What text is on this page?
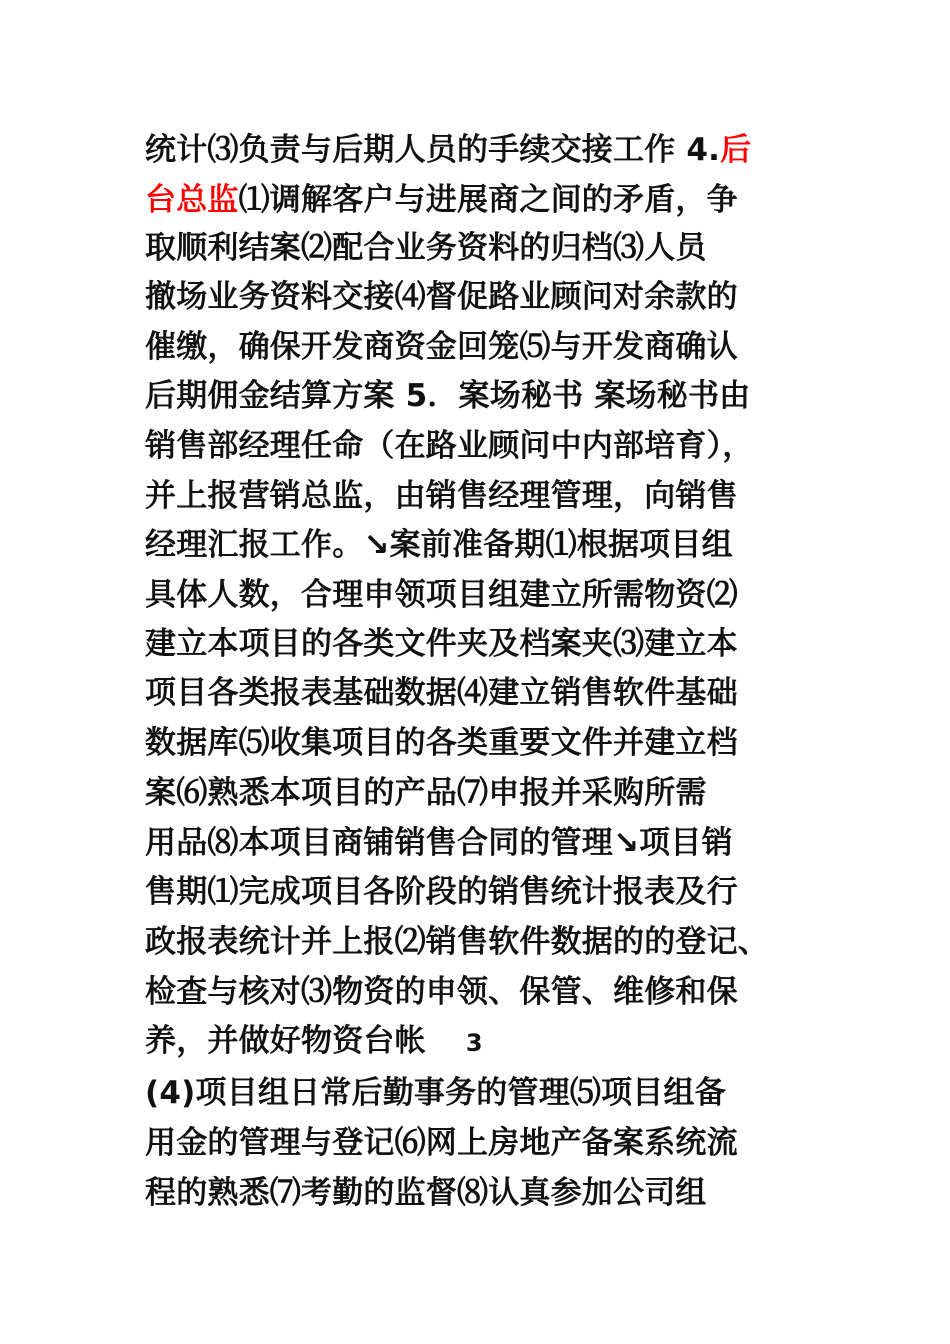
统计⑶负责与后期人员的手续交接工作 4.后
台总监⑴调解客户与进展商之间的矛盾，争
取顺利结案⑵配合业务资料的归档⑶人员
撤场业务资料交接⑷督促路业顾问对余款的
催缴，确保开发商资金回笼⑸与开发商确认
后期佣金结算方案 5．案场秘书 案场秘书由
销售部经理任命（在路业顾问中内部培育），
并上报营销总监，由销售经理管理，向销售
经理汇报工作。↘案前准备期⑴根据项目组
具体人数，合理申领项目组建立所需物资⑵
建立本项目的各类文件夹及档案夹⑶建立本
项目各类报表基础数据⑷建立销售软件基础
数据库⑸收集项目的各类重要文件并建立档
案⑹熟悉本项目的产品⑺申报并采购所需
用品⑻本项目商铺销售合同的管理↘项目销
售期⑴完成项目各阶段的销售统计报表及行
政报表统计并上报⑵销售软件数据的的登记、
检查与核对⑶物资的申领、保管、维修和保
养，并做好物资台帐 3
(4)项目组日常后勤事务的管理⑸项目组备
用金的管理与登记⑹网上房地产备案系统流
程的熟悉⑺考勤的监督⑻认真参加公司组
